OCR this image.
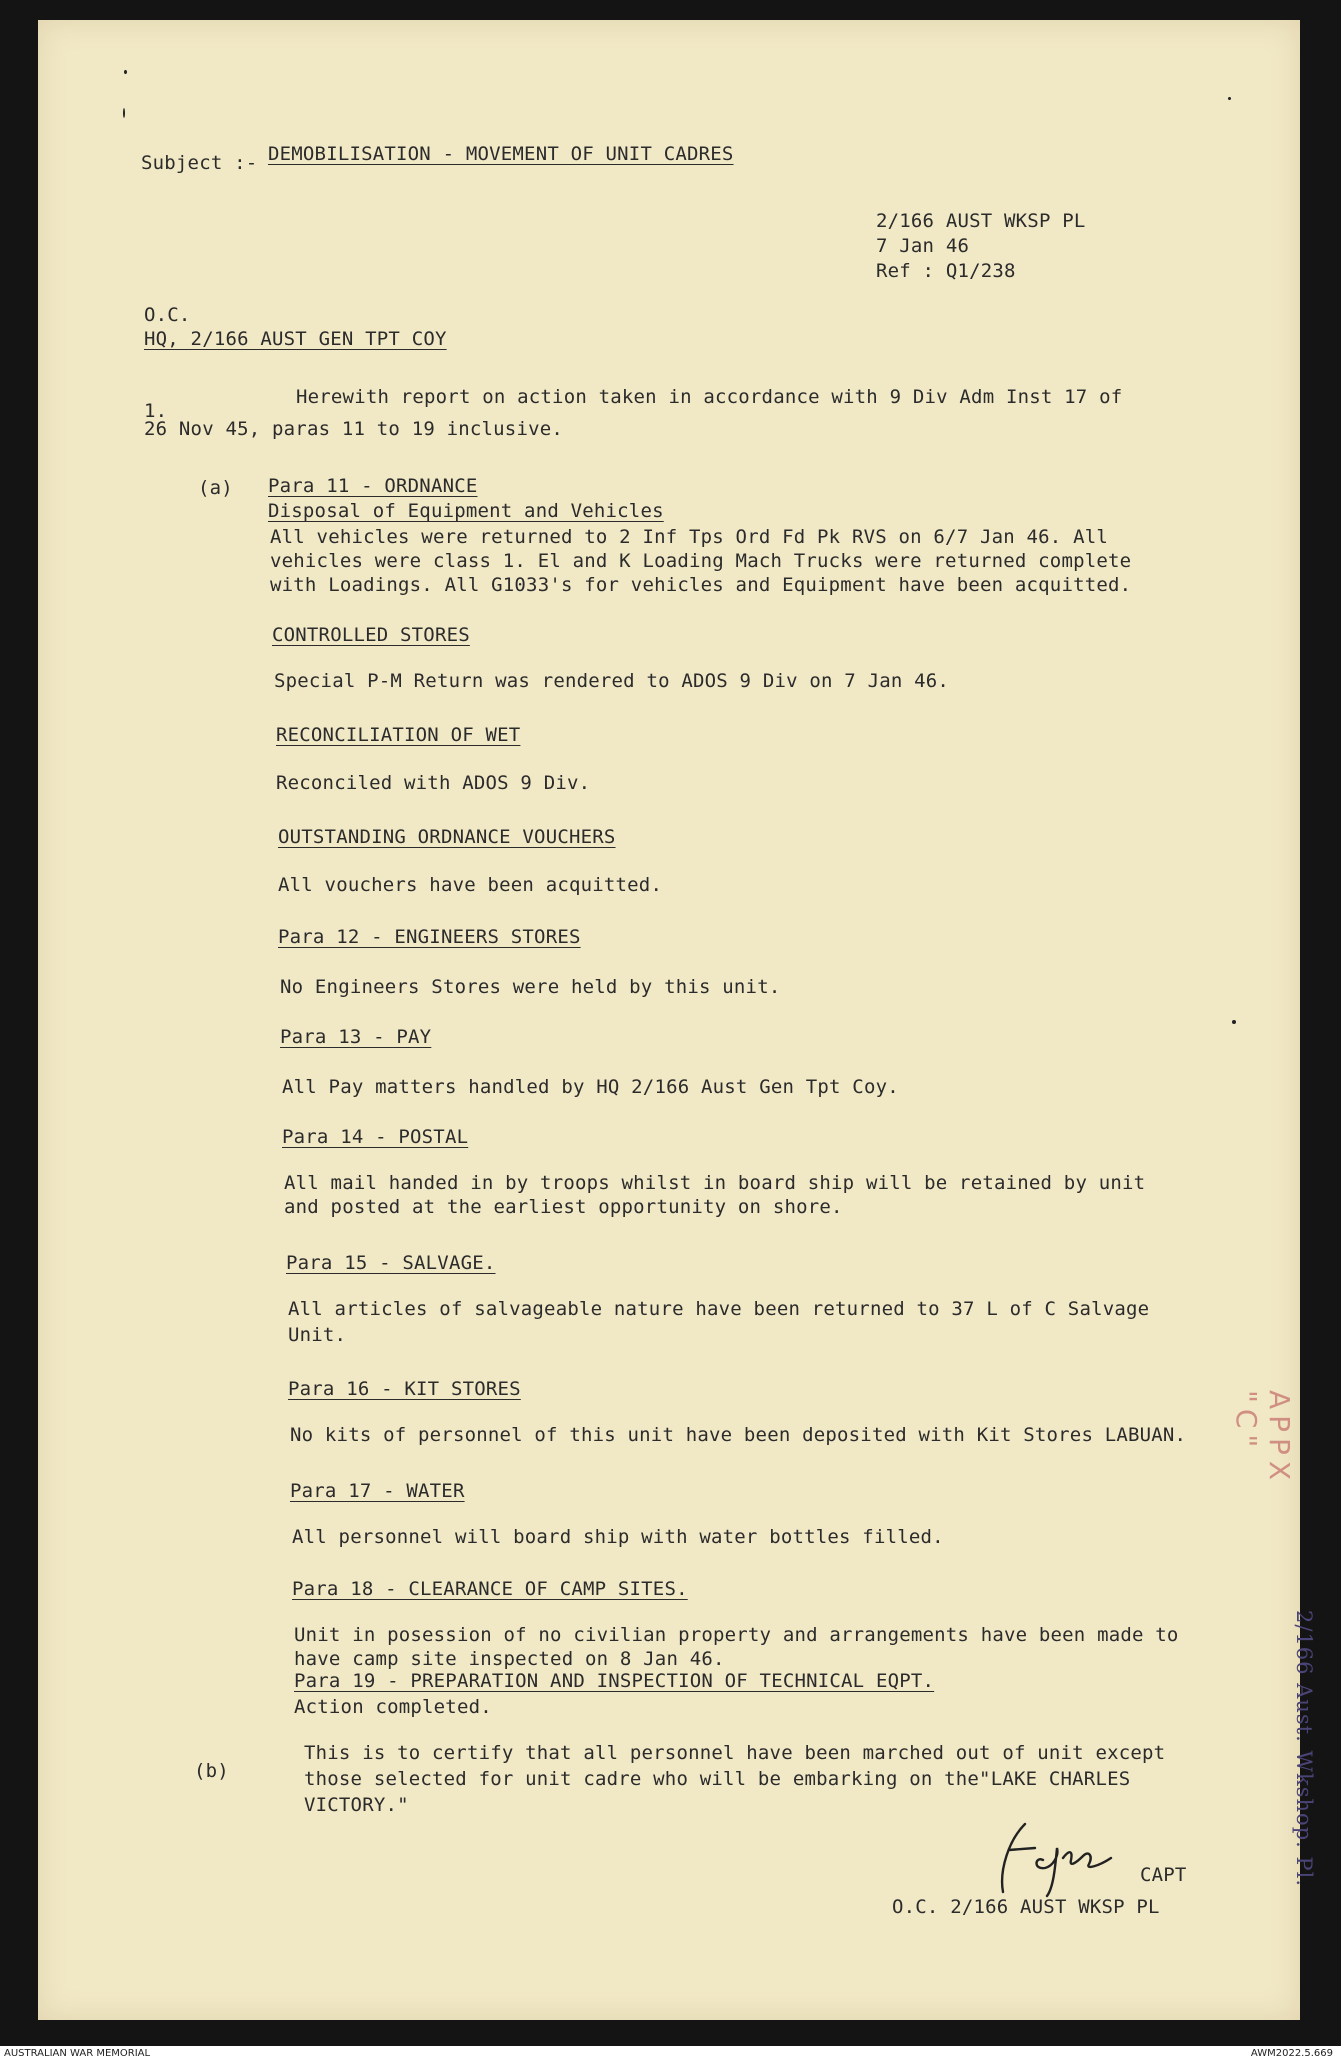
Subject :- DEMOBILISATION - MOVEMENT OF UNIT CADRES
2/166 AUST WKSP PL
7 Jan 46
Ref : Q1/238
O.C.
HQ, 2/166 AUST GEN TPT COY
1.
Herewith report on action taken in accordance with 9 Div Adm Inst 17 of
26 Nov 45, paras 11 to 19 inclusive.
(a) Para 11 - ORDNANCE
Disposal of Equipment and Vehicles
All vehicles were returned to 2 Inf Tps Ord Fd Pk RVS on 6/7 Jan 46. All
vehicles were class 1. El and K Loading Mach Trucks were returned complete
with Loadings. All G1033's for vehicles and Equipment have been acquitted.
CONTROLLED STORES
Special P-M Return was rendered to ADOS 9 Div on 7 Jan 46.
RECONCILIATION OF WET
Reconciled with ADOS 9 Div.
OUTSTANDING ORDNANCE VOUCHERS
All vouchers have been acquitted.
Para 12 - ENGINEERS STORES
No Engineers Stores were held by this unit.
Para 13 - PAY
All Pay matters handled by HQ 2/166 Aust Gen Tpt Coy.
Para 14 - POSTAL
All mail handed in by troops whilst in board ship will be retained by unit
and posted at the earliest opportunity on shore.
Para 15 - SALVAGE.
All articles of salvageable nature have been returned to 37 L of C Salvage
Unit.
Para 16 - KIT STORES
No kits of personnel of this unit have been deposited with Kit Stores LABUAN.
Para 17 - WATER
All personnel will board ship with water bottles filled.
Para 18 - CLEARANCE OF CAMP SITES.
Unit in posession of no civilian property and arrangements have been made to
have camp site inspected on 8 Jan 46.
Para 19 - PREPARATION AND INSPECTION OF TECHNICAL EQPT.
Action completed.
(b)
This is to certify that all personnel have been marched out of unit except
those selected for unit cadre who will be embarking on the"LAKE CHARLES
VICTORY."
CAPT
O.C. 2/166 AUST WKSP PL
APPX "C"
2/166 Aust. Wkshop. Pl.
AUSTRALIAN WAR MEMORIAL	AWM2022.5.669
